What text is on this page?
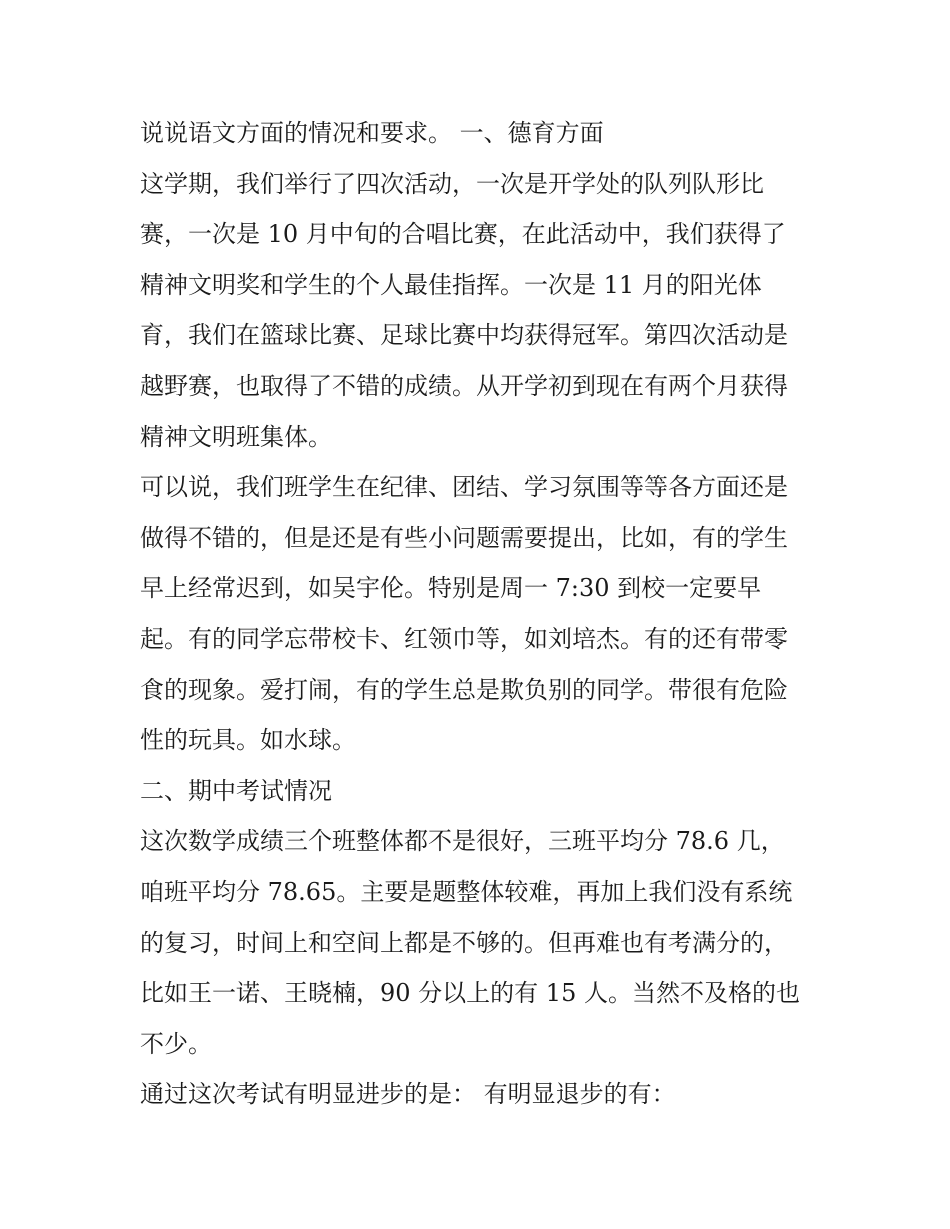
说说语文方面的情况和要求。 一、德育方面
这学期，我们举行了四次活动，一次是开学处的队列队形比
赛，一次是 10 月中旬的合唱比赛，在此活动中，我们获得了
精神文明奖和学生的个人最佳指挥。一次是 11 月的阳光体
育，我们在篮球比赛、足球比赛中均获得冠军。第四次活动是
越野赛，也取得了不错的成绩。从开学初到现在有两个月获得
精神文明班集体。
可以说，我们班学生在纪律、团结、学习氛围等等各方面还是
做得不错的，但是还是有些小问题需要提出，比如，有的学生
早上经常迟到，如吴宇伦。特别是周一 7:30 到校一定要早
起。有的同学忘带校卡、红领巾等，如刘培杰。有的还有带零
食的现象。爱打闹，有的学生总是欺负别的同学。带很有危险
性的玩具。如水球。
二、期中考试情况
这次数学成绩三个班整体都不是很好，三班平均分 78.6 几，
咱班平均分 78.65。主要是题整体较难，再加上我们没有系统
的复习，时间上和空间上都是不够的。但再难也有考满分的，
比如王一诺、王晓楠，90 分以上的有 15 人。当然不及格的也
不少。
通过这次考试有明显进步的是： 有明显退步的有：
